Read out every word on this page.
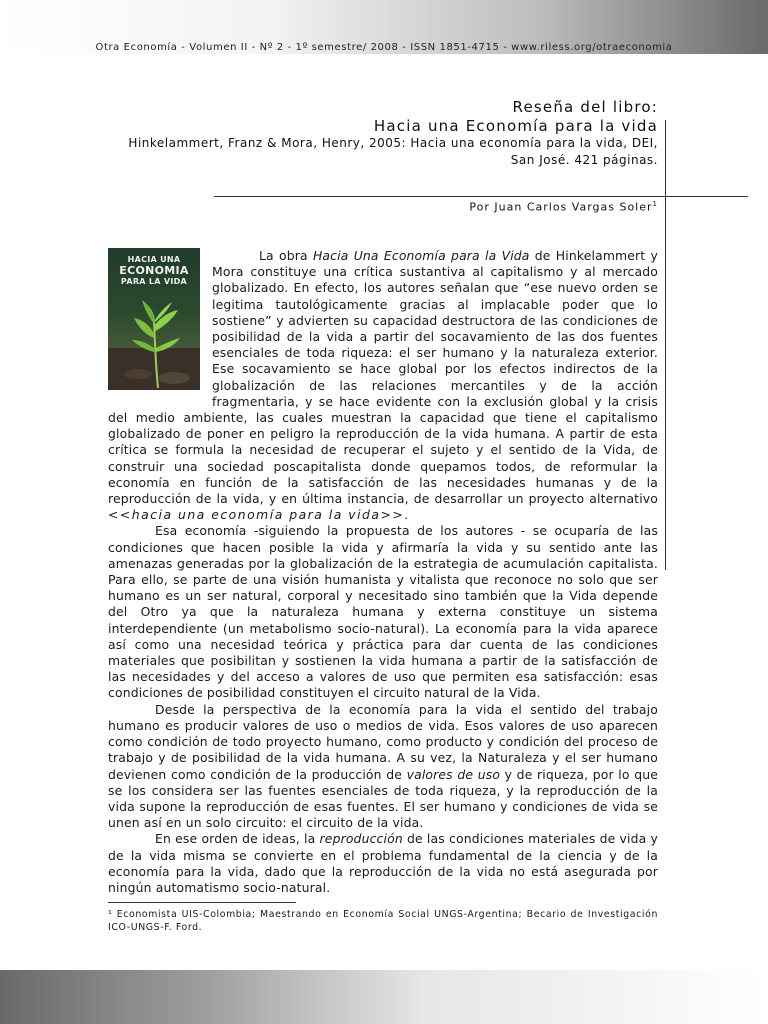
Otra Economía - Volumen II - Nº 2 - 1º semestre/ 2008 - ISSN 1851-4715 - www.riless.org/otraeconomia
Reseña del libro:
Hacia una Economía para la vida
Hinkelammert, Franz & Mora, Henry, 2005: Hacia una economía para la vida, DEI,
San José. 421 páginas.
Por Juan Carlos Vargas Soler$^1$
HACIA UNA
ECONOMIA
PARA LA VIDA

La obra Hacia Una Economía para la Vida de Hinkelammert y Mora constituye una crítica sustantiva al capitalismo y al mercado globalizado. En efecto, los autores señalan que “ese nuevo orden se legitima tautológicamente gracias al implacable poder que lo sostiene” y advierten su capacidad destructora de las condiciones de posibilidad de la vida a partir del socavamiento de las dos fuentes esenciales de toda riqueza: el ser humano y la naturaleza exterior. Ese socavamiento se hace global por los efectos indirectos de la globalización de las relaciones mercantiles y de la acción fragmentaria, y se hace evidente con la exclusión global y la crisis del medio ambiente, las cuales muestran la capacidad que tiene el capitalismo globalizado de poner en peligro la reproducción de la vida humana. A partir de esta crítica se formula la necesidad de recuperar el sujeto y el sentido de la Vida, de construir una sociedad poscapitalista donde quepamos todos, de reformular la economía en función de la satisfacción de las necesidades humanas y de la reproducción de la vida, y en última instancia, de desarrollar un proyecto alternativo <<hacia una economía para la vida>>.

Esa economía -siguiendo la propuesta de los autores - se ocuparía de las condiciones que hacen posible la vida y afirmaría la vida y su sentido ante las amenazas generadas por la globalización de la estrategia de acumulación capitalista. Para ello, se parte de una visión humanista y vitalista que reconoce no solo que ser humano es un ser natural, corporal y necesitado sino también que la Vida depende del Otro ya que la naturaleza humana y externa constituye un sistema interdependiente (un metabolismo socio-natural). La economía para la vida aparece así como una necesidad teórica y práctica para dar cuenta de las condiciones materiales que posibilitan y sostienen la vida humana a partir de la satisfacción de las necesidades y del acceso a valores de uso que permiten esa satisfacción: esas condiciones de posibilidad constituyen el circuito natural de la Vida.

Desde la perspectiva de la economía para la vida el sentido del trabajo humano es producir valores de uso o medios de vida. Esos valores de uso aparecen como condición de todo proyecto humano, como producto y condición del proceso de trabajo y de posibilidad de la vida humana. A su vez, la Naturaleza y el ser humano devienen como condición de la producción de valores de uso y de riqueza, por lo que se los considera ser las fuentes esenciales de toda riqueza, y la reproducción de la vida supone la reproducción de esas fuentes. El ser humano y condiciones de vida se unen así en un solo circuito: el circuito de la vida.

En ese orden de ideas, la reproducción de las condiciones materiales de vida y de la vida misma se convierte en el problema fundamental de la ciencia y de la economía para la vida, dado que la reproducción de la vida no está asegurada por ningún automatismo socio-natural.

¹ Economista UIS-Colombia; Maestrando en Economía Social UNGS-Argentina; Becario de Investigación ICO-UNGS-F. Ford.
